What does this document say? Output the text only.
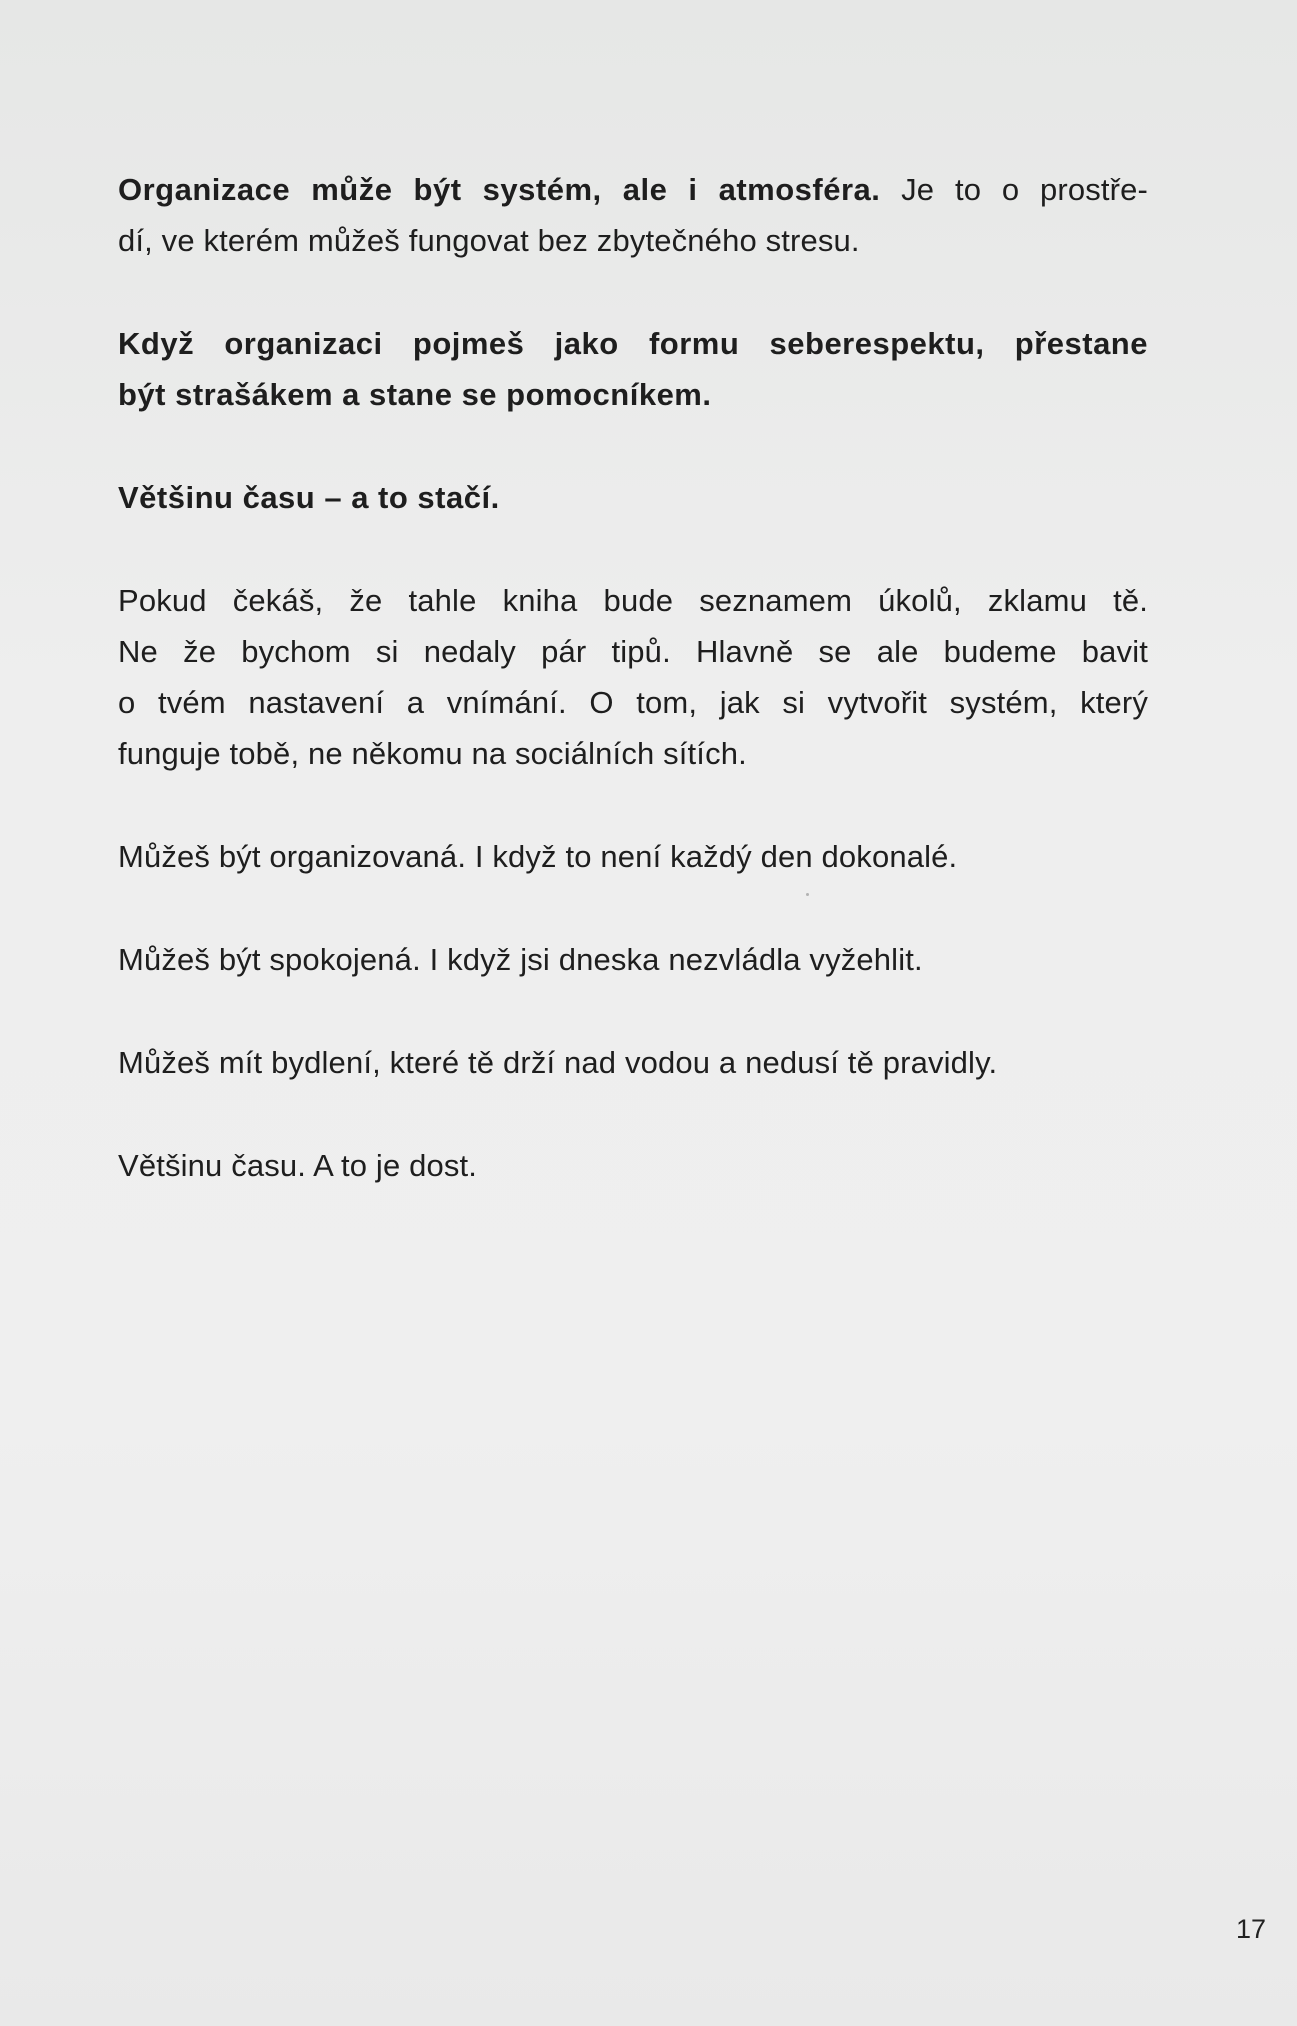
Organizace může být systém, ale i atmosféra. Je to o prostře-
dí, ve kterém můžeš fungovat bez zbytečného stresu.

Když organizaci pojmeš jako formu seberespektu, přestane
být strašákem a stane se pomocníkem.

Většinu času – a to stačí.

Pokud čekáš, že tahle kniha bude seznamem úkolů, zklamu tě.
Ne že bychom si nedaly pár tipů. Hlavně se ale budeme bavit
o tvém nastavení a vnímání. O tom, jak si vytvořit systém, který
funguje tobě, ne někomu na sociálních sítích.

Můžeš být organizovaná. I když to není každý den dokonalé.

Můžeš být spokojená. I když jsi dneska nezvládla vyžehlit.

Můžeš mít bydlení, které tě drží nad vodou a nedusí tě pravidly.

Většinu času. A to je dost.

17
